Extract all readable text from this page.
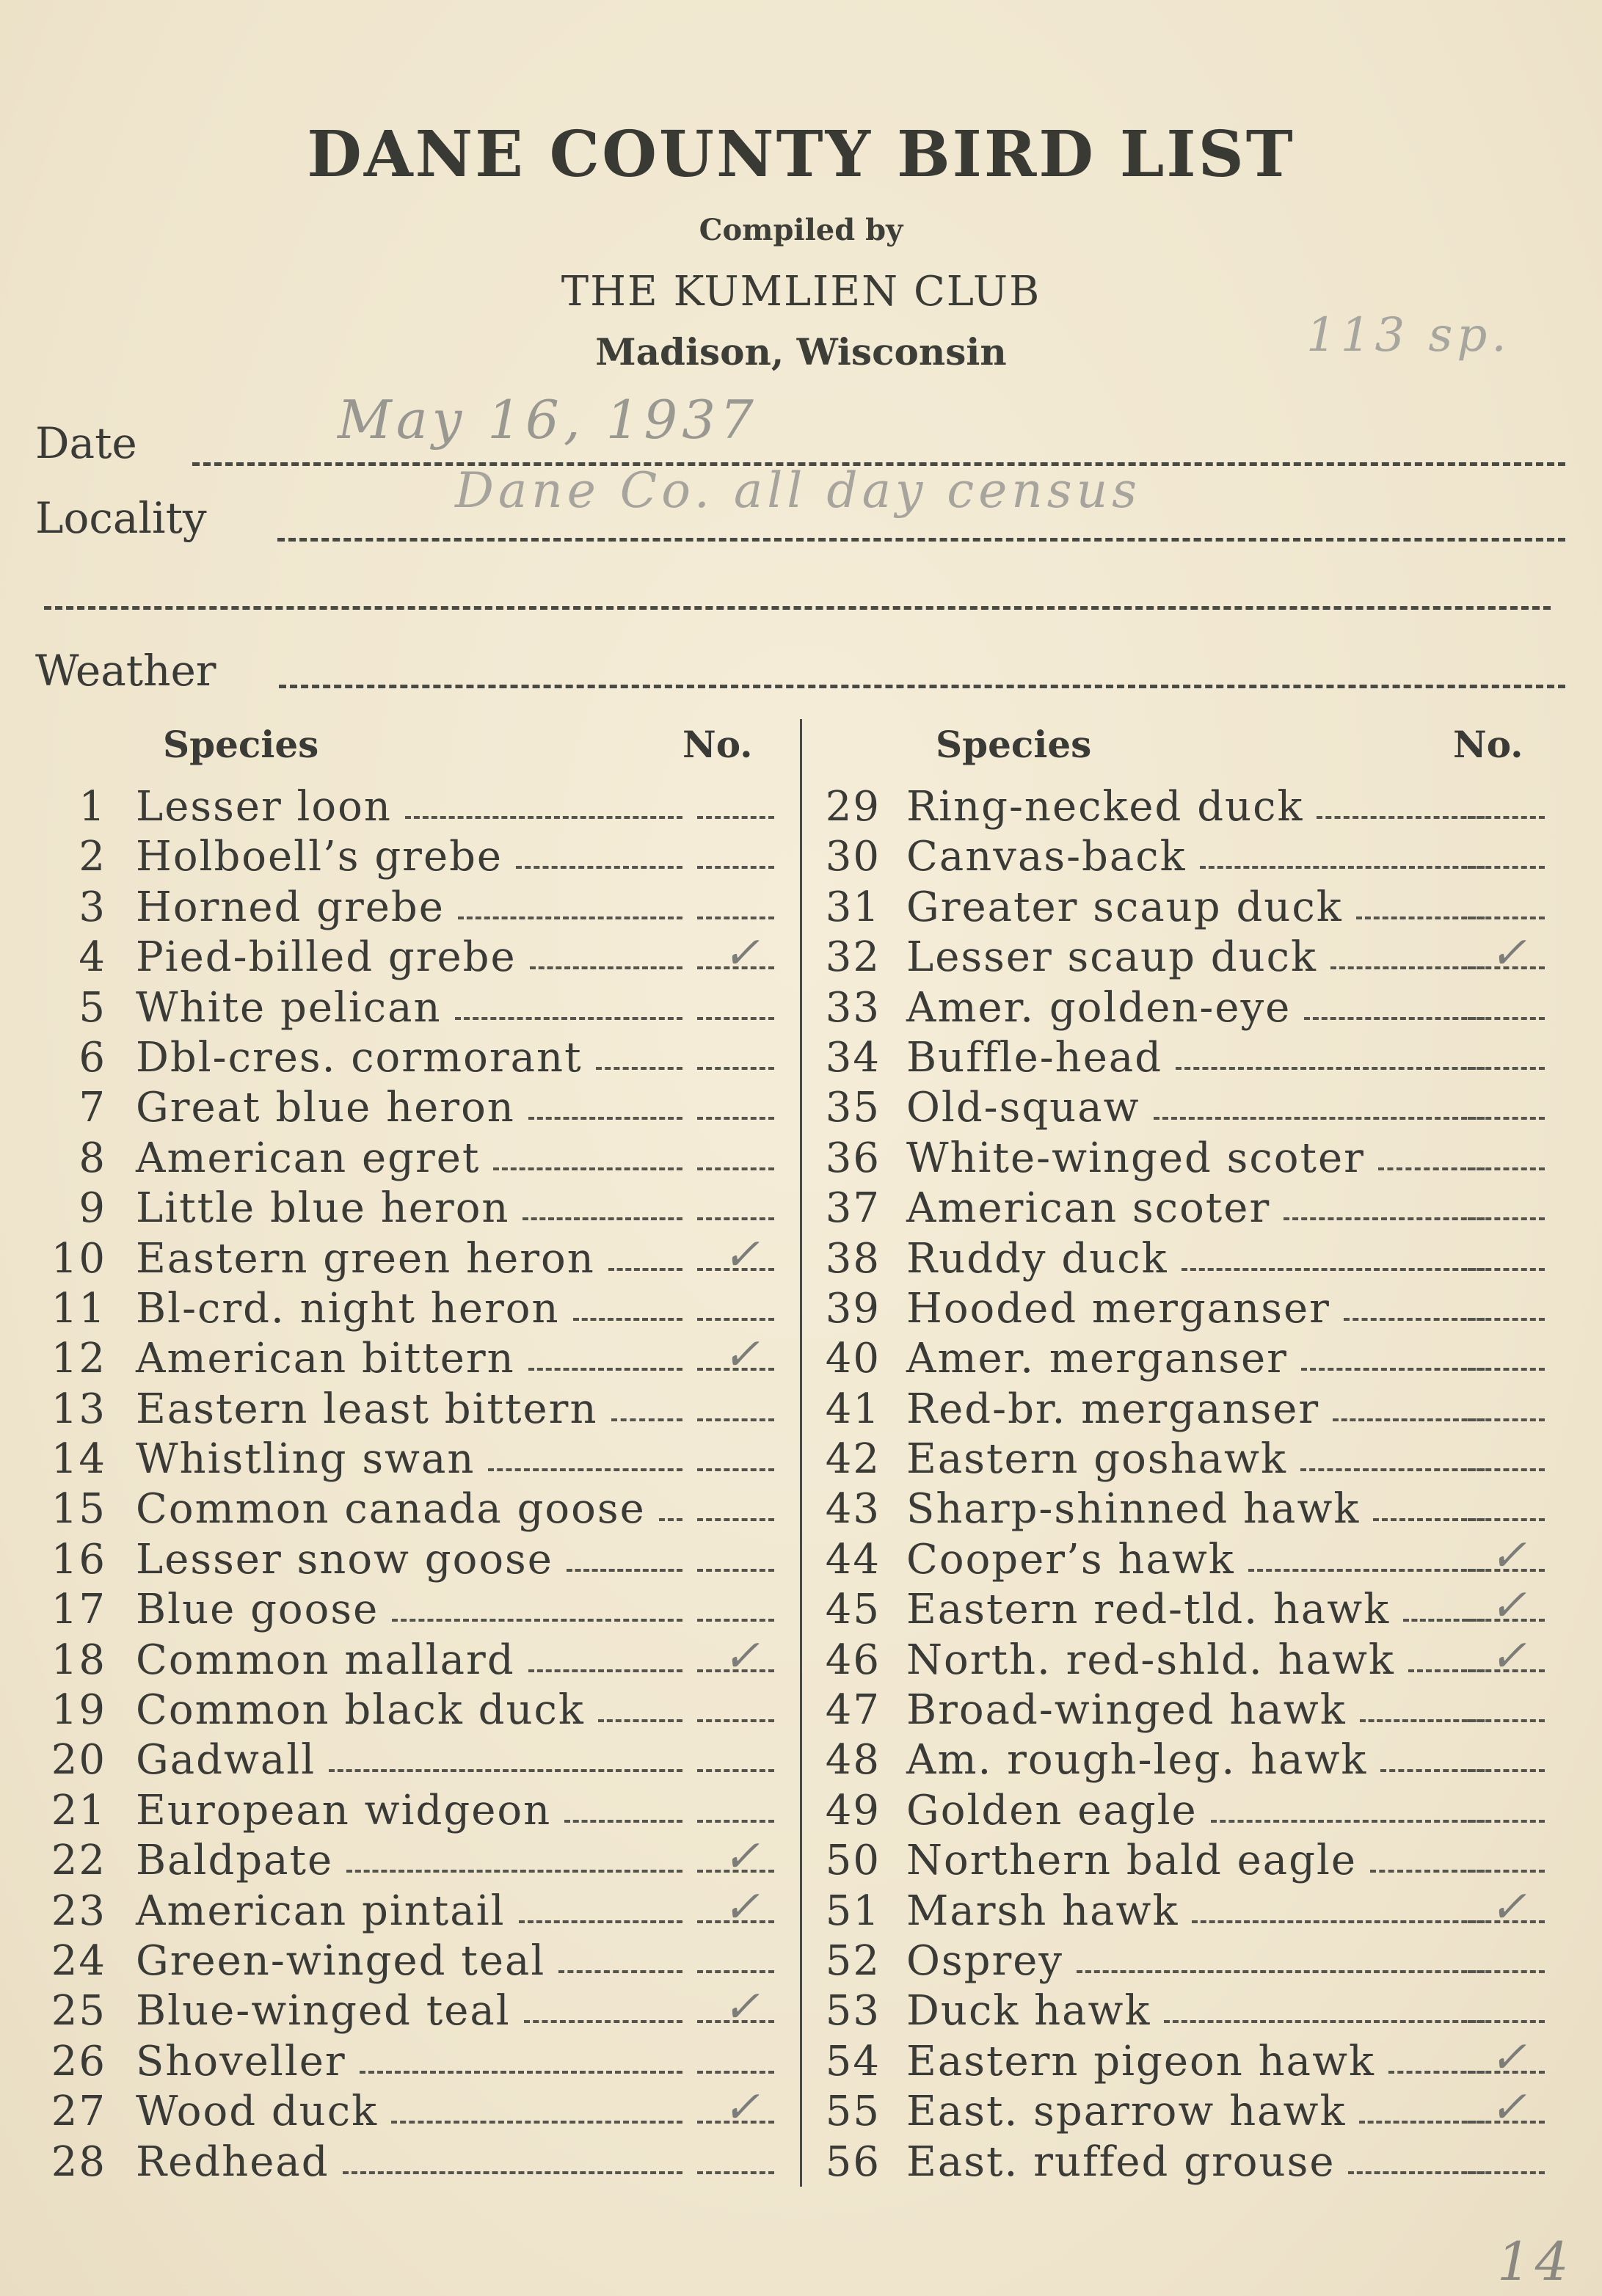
DANE COUNTY BIRD LIST
Compiled by
THE KUMLIEN CLUB
Madison, Wisconsin	113 sp.
Date	May 16, 1937
Locality	Dane Co. all day census
Weather
Species	No.	Species	No.
1 Lesser loon
2 Holboell’s grebe
3 Horned grebe
4 Pied-billed grebe	✓
5 White pelican
6 Dbl-cres. cormorant
7 Great blue heron
8 American egret
9 Little blue heron
10 Eastern green heron	✓
11 Bl-crd. night heron
12 American bittern	✓
13 Eastern least bittern
14 Whistling swan
15 Common canada goose
16 Lesser snow goose
17 Blue goose
18 Common mallard	✓
19 Common black duck
20 Gadwall
21 European widgeon
22 Baldpate	✓
23 American pintail	✓
24 Green-winged teal
25 Blue-winged teal	✓
26 Shoveller
27 Wood duck	✓
28 Redhead
29 Ring-necked duck
30 Canvas-back
31 Greater scaup duck
32 Lesser scaup duck	✓
33 Amer. golden-eye
34 Buffle-head
35 Old-squaw
36 White-winged scoter
37 American scoter
38 Ruddy duck
39 Hooded merganser
40 Amer. merganser
41 Red-br. merganser
42 Eastern goshawk
43 Sharp-shinned hawk
44 Cooper’s hawk	✓
45 Eastern red-tld. hawk ✓
46 North. red-shld. hawk ✓
47 Broad-winged hawk
48 Am. rough-leg. hawk
49 Golden eagle
50 Northern bald eagle
51 Marsh hawk	✓
52 Osprey
53 Duck hawk
54 Eastern pigeon hawk	✓
55 East. sparrow hawk	✓
56 East. ruffed grouse
14
